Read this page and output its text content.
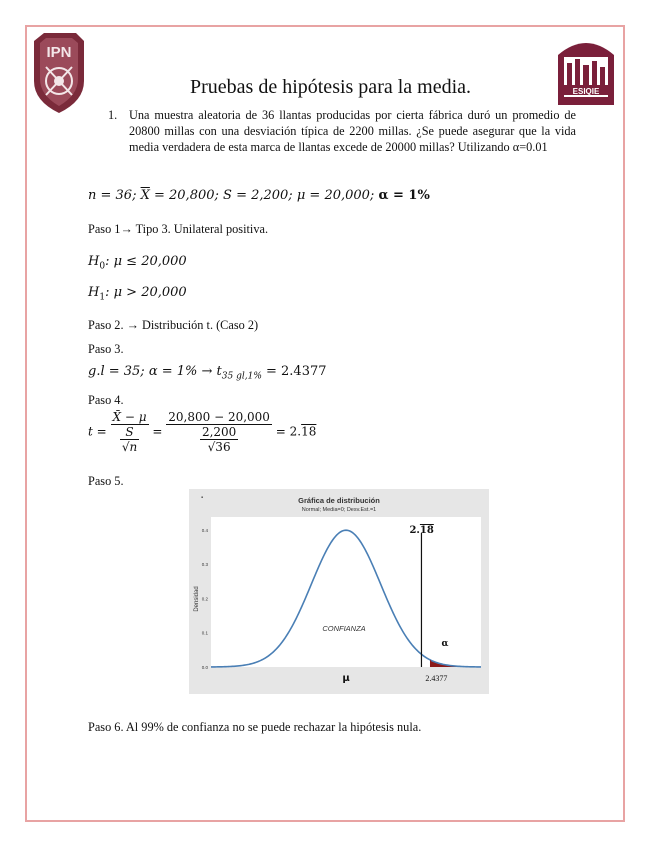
IPN
ESIQIE
Pruebas de hipótesis para la media.
1. Una muestra aleatoria de 36 llantas producidas por cierta fábrica duró un promedio de 20800 millas con una desviación típica de 2200 millas. ¿Se puede asegurar que la vida media verdadera de esta marca de llantas excede de 20000 millas? Utilizando α=0.01
n = 36; $\overline{X} = 20,800$; S = 2,200; μ = 20,000; α = 1%
Paso 1→ Tipo 3. Unilateral positiva.
$H_0$: μ ≤ 20,000
$H_1$: μ > 20,000
Paso 2. → Distribución t. (Caso 2)
Paso 3.
g.l = 35; $\alpha = 1\% \to t_{35 gl,1\%} = 2.4377$
Paso 4.
$t = \frac{X̄ - \mu}{\frac{S}{√n}} = \frac{20,800 - 20,000}{\frac{2,200}{√36}} = 2.18$
Paso 5.
▪	Gráfica de distribución
Normal; Media=0; Desv.Est.=1
Densidad
0.0
0.1
0.2
0.3
0.4	2.18
CONFIANZA
α
μ	2.4377
Paso 6. Al 99% de confianza no se puede rechazar la hipótesis nula.
